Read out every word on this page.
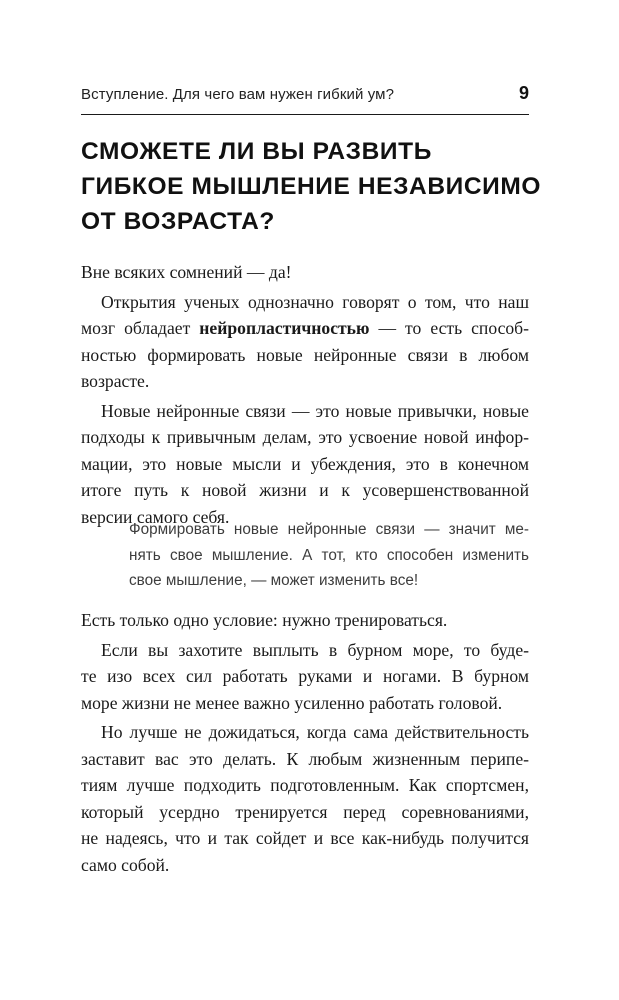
Вступление. Для чего вам нужен гибкий ум?	9
СМОЖЕТЕ ЛИ ВЫ РАЗВИТЬ
ГИБКОЕ МЫШЛЕНИЕ НЕЗАВИСИМО
ОТ ВОЗРАСТА?
Вне всяких сомнений — да!
Открытия ученых однозначно говорят о том, что наш
мозг обладает нейропластичностью — то есть способ-
ностью формировать новые нейронные связи в любом
возрасте.
Новые нейронные связи — это новые привычки, новые
подходы к привычным делам, это усвоение новой инфор-
мации, это новые мысли и убеждения, это в конечном
итоге путь к новой жизни и к усовершенствованной
версии самого себя.
Формировать новые нейронные связи — значит ме-
нять свое мышление. А тот, кто способен изменить
свое мышление, — может изменить все!
Есть только одно условие: нужно тренироваться.
Если вы захотите выплыть в бурном море, то буде-
те изо всех сил работать руками и ногами. В бурном
море жизни не менее важно усиленно работать головой.
Но лучше не дожидаться, когда сама действительность
заставит вас это делать. К любым жизненным перипе-
тиям лучше подходить подготовленным. Как спортсмен,
который усердно тренируется перед соревнованиями,
не надеясь, что и так сойдет и все как-нибудь получится
само собой.
